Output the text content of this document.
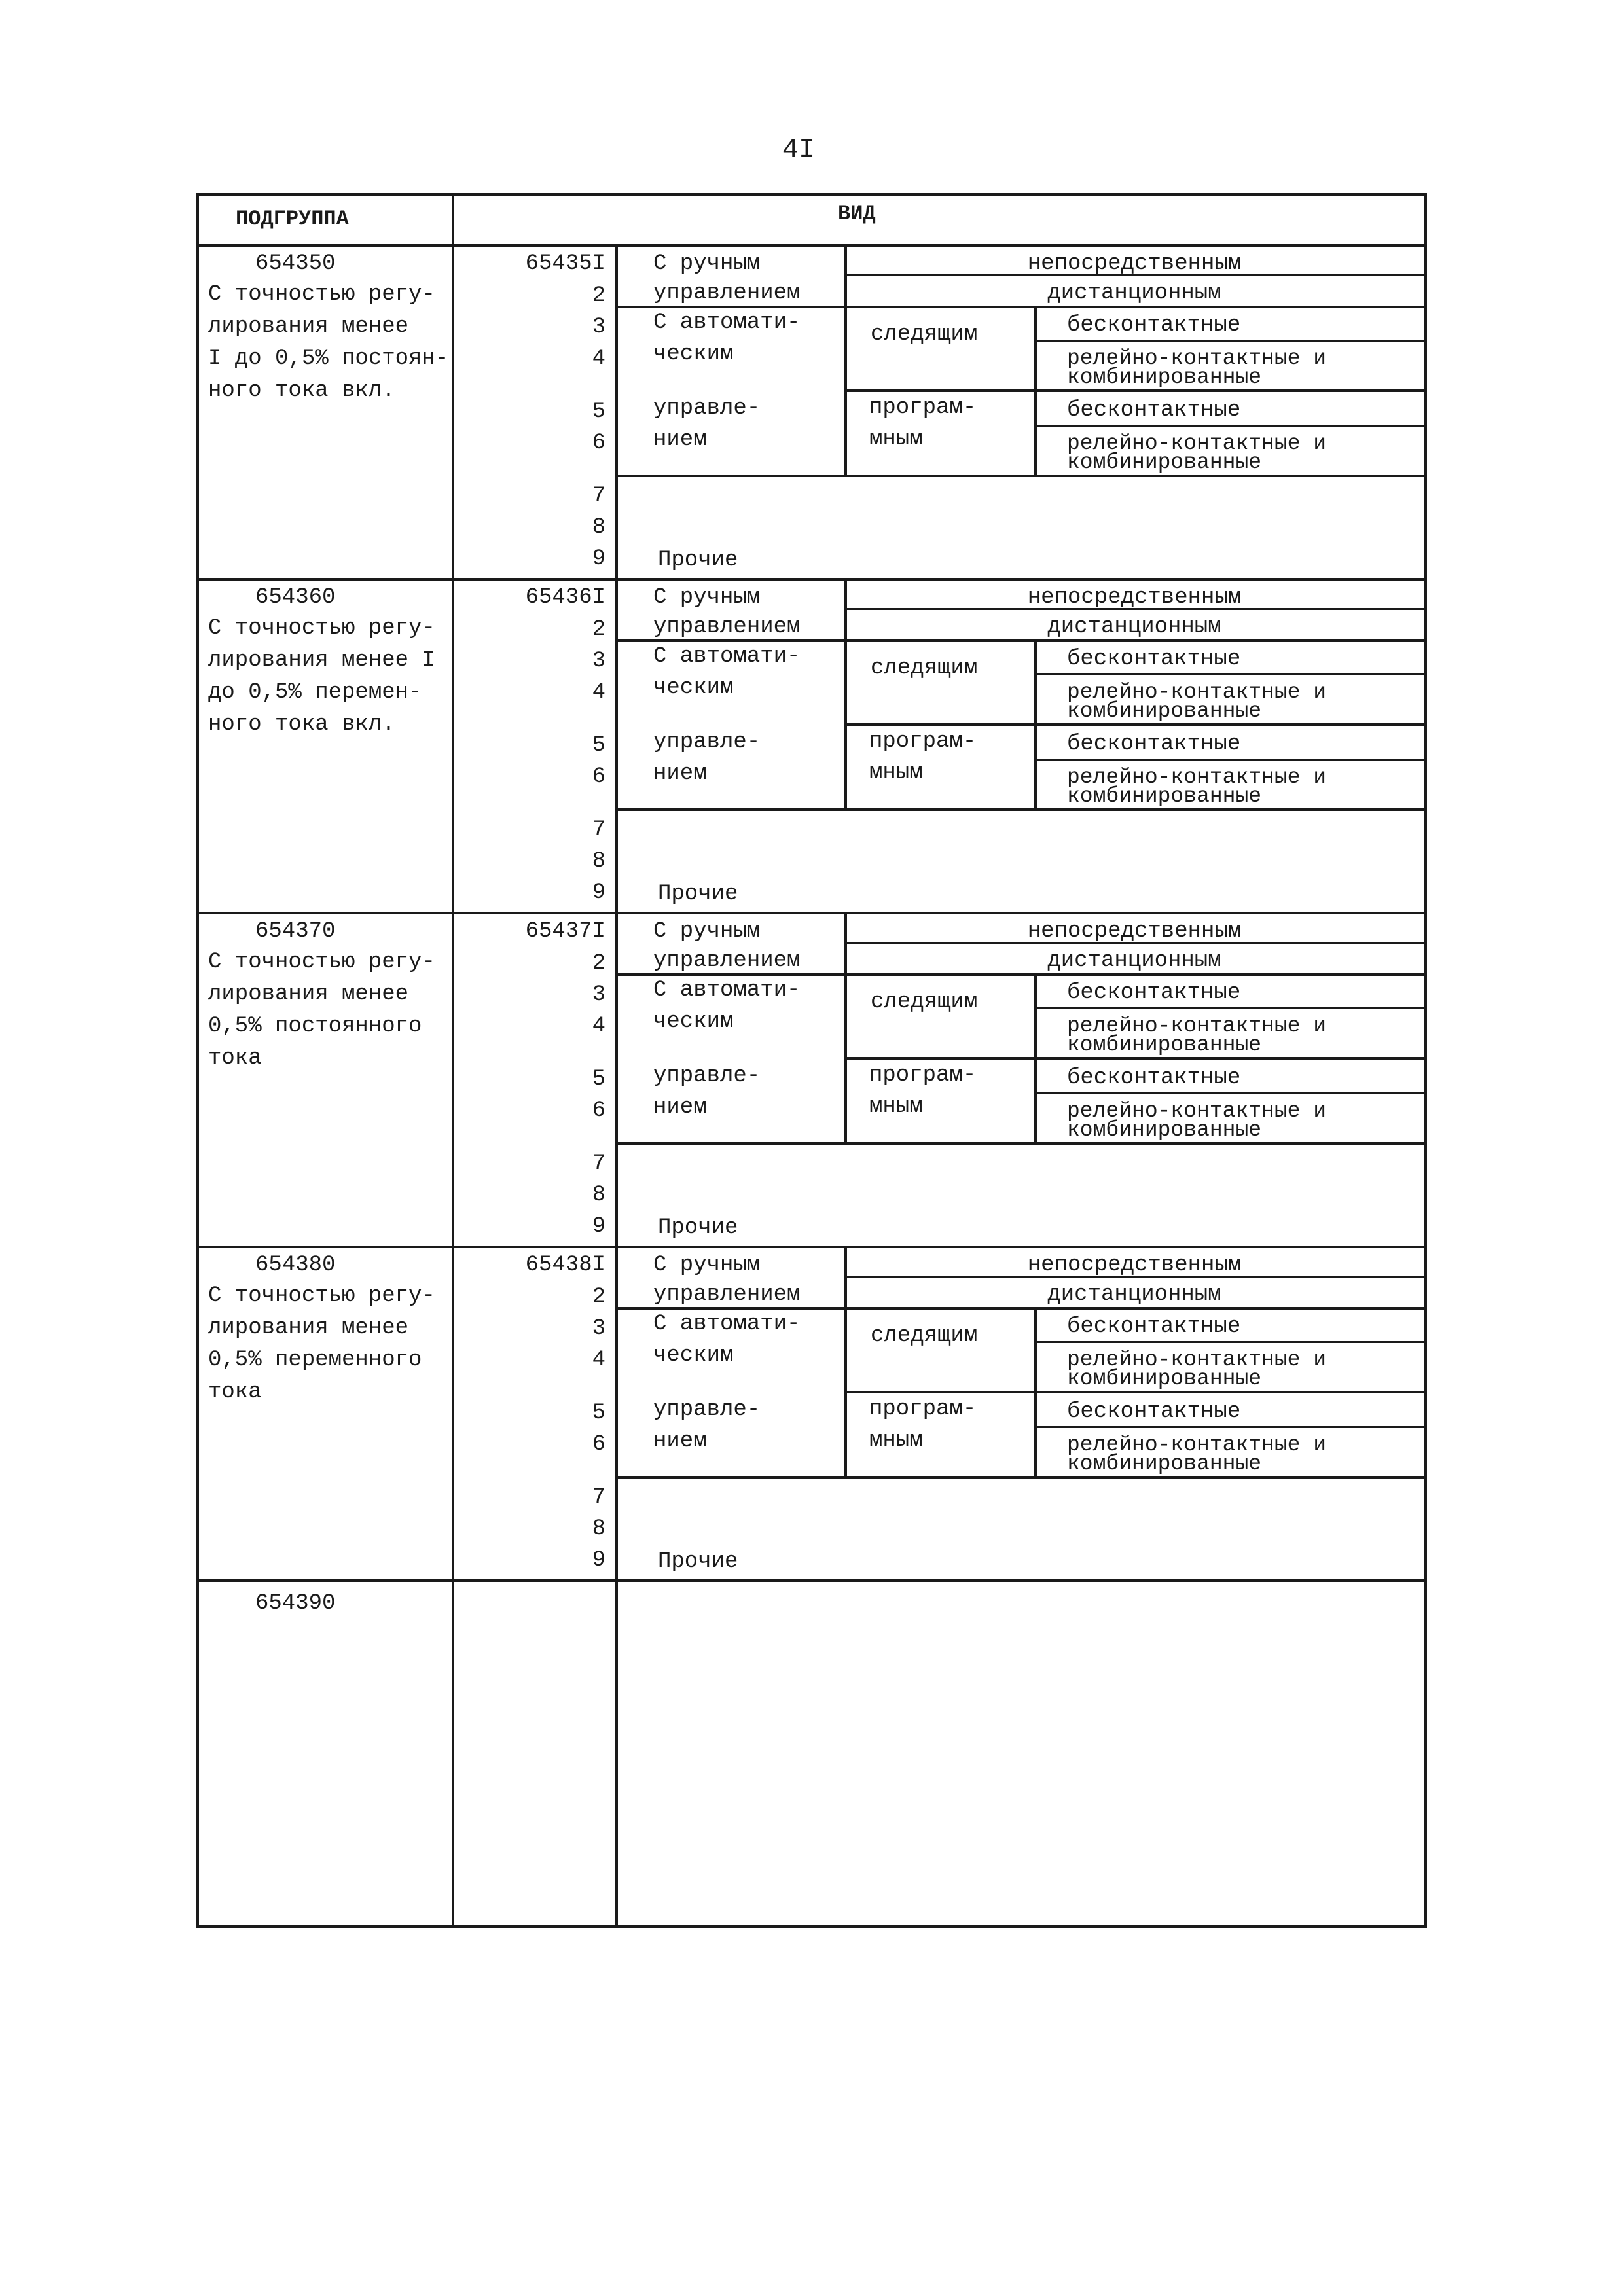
4I
ПОДГРУППА	ВИД
654350
С точностью регу-
лирования менее
I до 0,5% постоян-
ного тока вкл.
65435I
2
3
4
5
6
7
8
9
С ручным
управлением
непосредственным
дистанционным
С автомати-
ческим
управле-
нием
следящим
програм-
мным
бесконтактные
релейно-контактные и
комбинированные
бесконтактные
релейно-контактные и
комбинированные
Прочие
654360
С точностью регу-
лирования менее I
до 0,5% перемен-
ного тока вкл.
65436I
2
3
4
5
6
7
8
9
С ручным
управлением
непосредственным
дистанционным
С автомати-
ческим
управле-
нием
следящим
програм-
мным
бесконтактные
релейно-контактные и
комбинированные
бесконтактные
релейно-контактные и
комбинированные
Прочие
654370
С точностью регу-
лирования менее
0,5% постоянного
тока
65437I
2
3
4
5
6
7
8
9
С ручным
управлением
непосредственным
дистанционным
С автомати-
ческим
управле-
нием
следящим
програм-
мным
бесконтактные
релейно-контактные и
комбинированные
бесконтактные
релейно-контактные и
комбинированные
Прочие
654380
С точностью регу-
лирования менее
0,5% переменного
тока
65438I
2
3
4
5
6
7
8
9
С ручным
управлением
непосредственным
дистанционным
С автомати-
ческим
управле-
нием
следящим
програм-
мным
бесконтактные
релейно-контактные и
комбинированные
бесконтактные
релейно-контактные и
комбинированные
Прочие
654390
